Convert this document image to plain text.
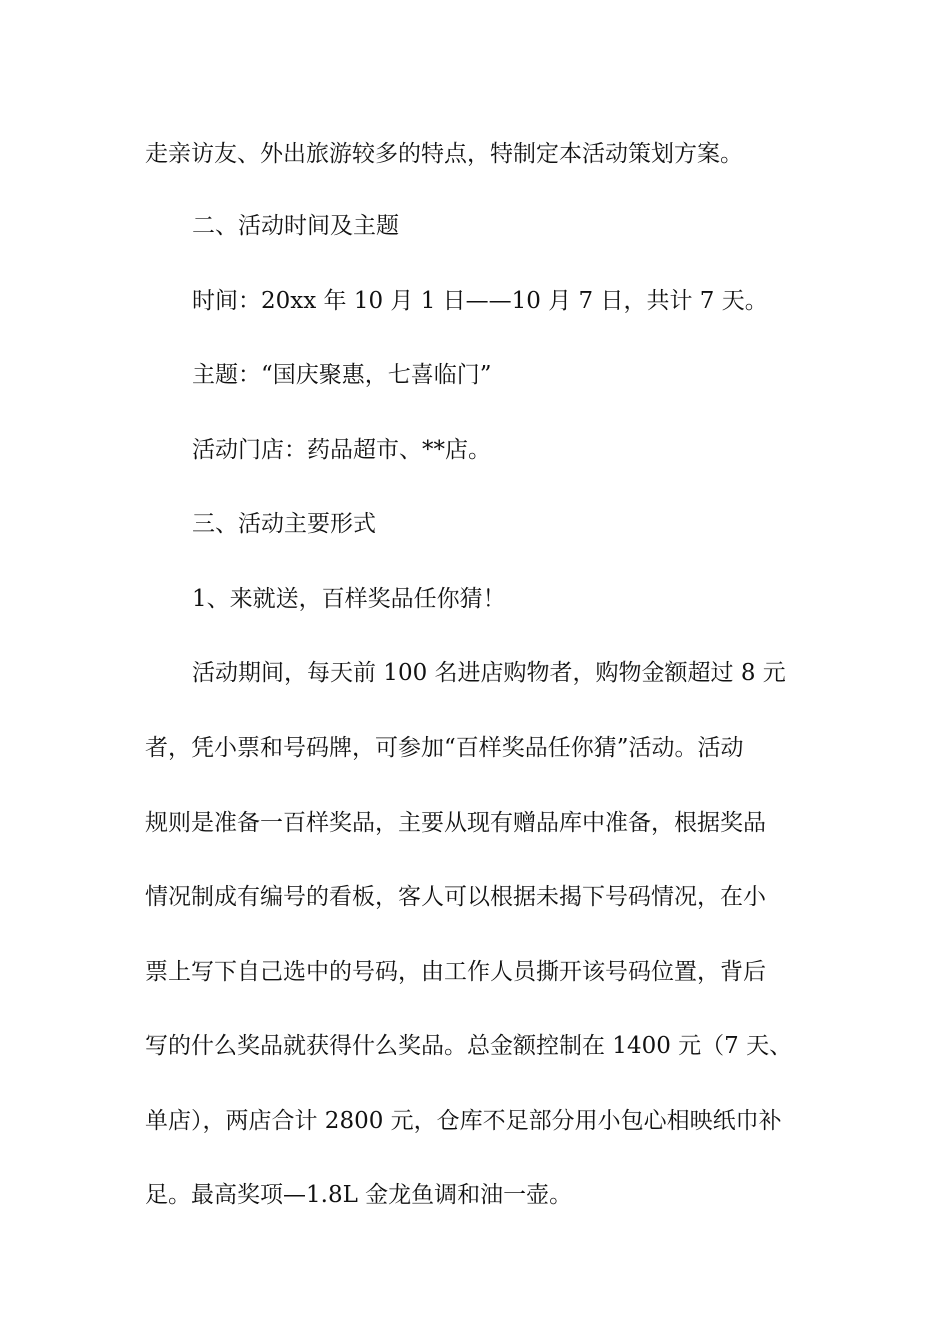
走亲访友、外出旅游较多的特点，特制定本活动策划方案。
二、活动时间及主题
时间：20xx 年 10 月 1 日——10 月 7 日，共计 7 天。
主题：“国庆聚惠，七喜临门”
活动门店：药品超市、**店。
三、活动主要形式
1、来就送，百样奖品任你猜！
活动期间，每天前 100 名进店购物者，购物金额超过 8 元
者，凭小票和号码牌，可参加“百样奖品任你猜”活动。活动
规则是准备一百样奖品，主要从现有赠品库中准备，根据奖品
情况制成有编号的看板，客人可以根据未揭下号码情况，在小
票上写下自己选中的号码，由工作人员撕开该号码位置，背后
写的什么奖品就获得什么奖品。总金额控制在 1400 元（7 天、
单店），两店合计 2800 元，仓库不足部分用小包心相映纸巾补
足。最高奖项—1.8L 金龙鱼调和油一壶。
